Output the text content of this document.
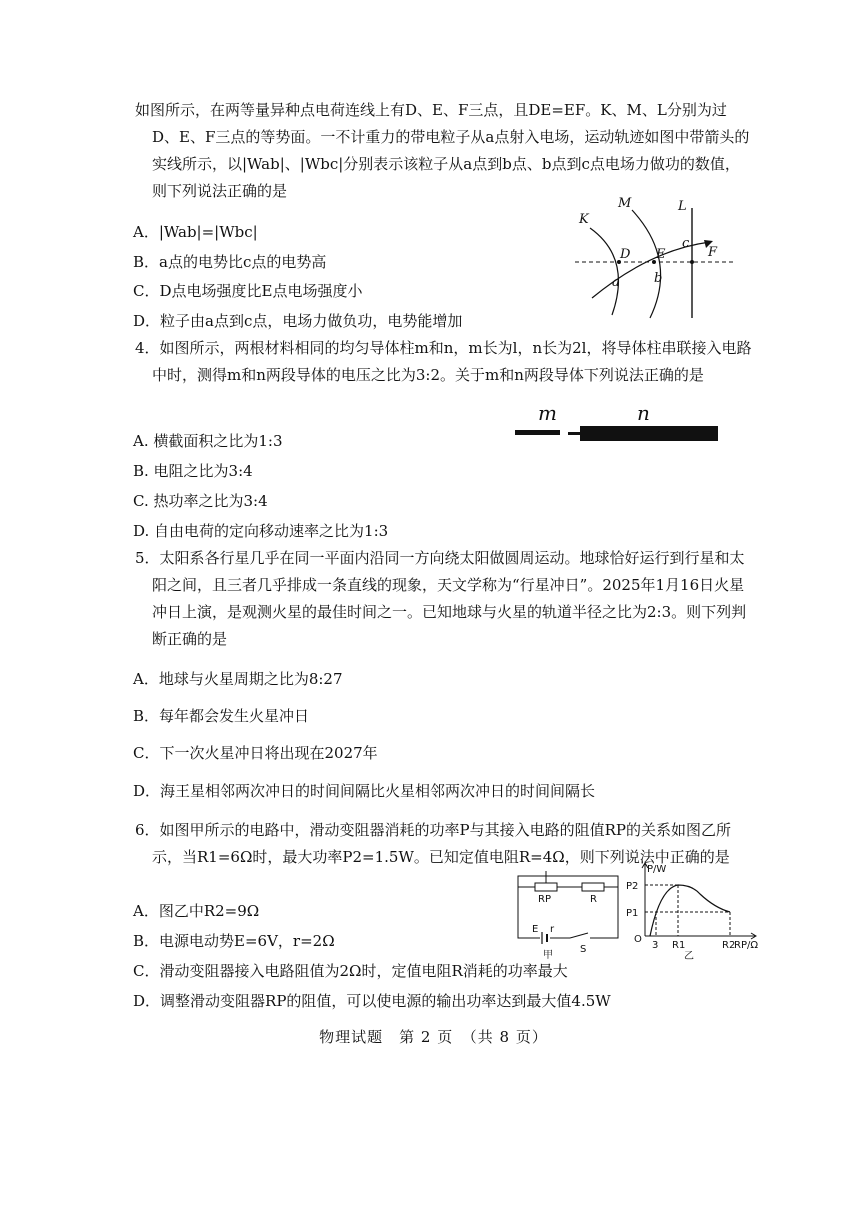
如图所示，在两等量异种点电荷连线上有D、E、F三点，且DE=EF。K、M、L分别为过D、E、F三点的等势面。一不计重力的带电粒子从a点射入电场，运动轨迹如图中带箭头的实线所示，以|Wab|、|Wbc|分别表示该粒子从a点到b点、b点到c点电场力做功的数值，则下列说法正确的是
A．|Wab|=|Wbc|
B．a点的电势比c点的电势高
C．D点电场强度比E点电场强度小
D．粒子由a点到c点，电场力做负功，电势能增加
K
M	L
D E	F
a	b
c
4．如图所示，两根材料相同的均匀导体柱m和n，m长为l，n长为2l，将导体柱串联接入电路中时，测得m和n两段导体的电压之比为3:2。关于m和n两段导体下列说法正确的是
A. 横截面积之比为1:3
B. 电阻之比为3:4
C. 热功率之比为3:4
D. 自由电荷的定向移动速率之比为1:3
m	n
5．太阳系各行星几乎在同一平面内沿同一方向绕太阳做圆周运动。地球恰好运行到行星和太阳之间，且三者几乎排成一条直线的现象，天文学称为“行星冲日”。2025年1月16日火星冲日上演，是观测火星的最佳时间之一。已知地球与火星的轨道半径之比为2:3。则下列判断正确的是
A．地球与火星周期之比为8:27
B．每年都会发生火星冲日
C．下一次火星冲日将出现在2027年
D．海王星相邻两次冲日的时间间隔比火星相邻两次冲日的时间间隔长
6．如图甲所示的电路中，滑动变阻器消耗的功率P与其接入电路的阻值RP的关系如图乙所示，当R1=6Ω时，最大功率P2=1.5W。已知定值电阻R=4Ω，则下列说法中正确的是
A．图乙中R2=9Ω
B．电源电动势E=6V，r=2Ω
C．滑动变阻器接入电路阻值为2Ω时，定值电阻R消耗的功率最大
D．调整滑动变阻器RP的阻值，可以使电源的输出功率达到最大值4.5W
RP	R
E r
S
甲
P/W
P2
P1
O
3 R1	R2
RP/Ω
乙
物理试题　第 2 页　（共 8 页）
